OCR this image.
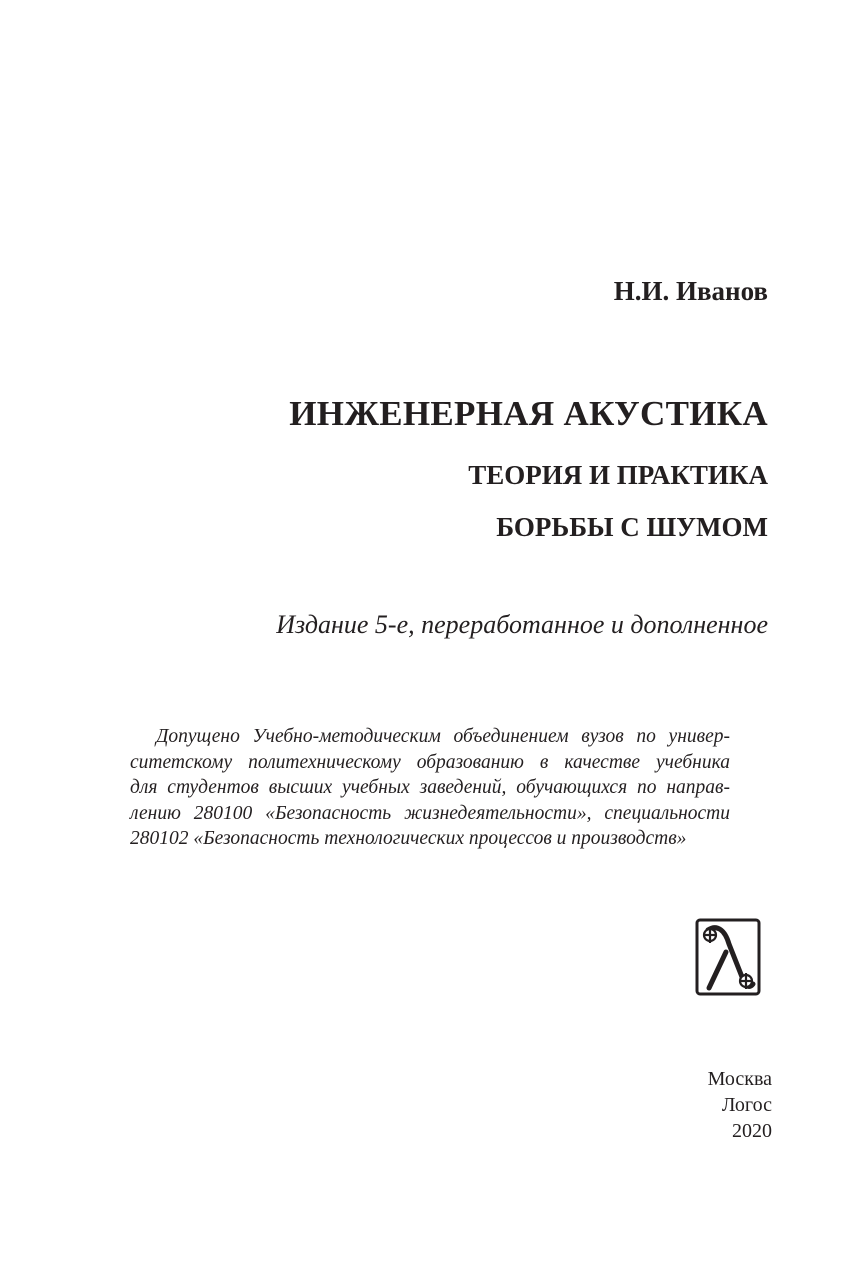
Н.И. Иванов
ИНЖЕНЕРНАЯ АКУСТИКА
ТЕОРИЯ И ПРАКТИКА
БОРЬБЫ С ШУМОМ
Издание 5-е, переработанное и дополненное
Допущено Учебно-методическим объединением вузов по универ-
ситетскому политехническому образованию в качестве учебника
для студентов высших учебных заведений, обучающихся по направ-
лению 280100 «Безопасность жизнедеятельности», специальности
280102 «Безопасность технологических процессов и производств»
Москва
Логос
2020
